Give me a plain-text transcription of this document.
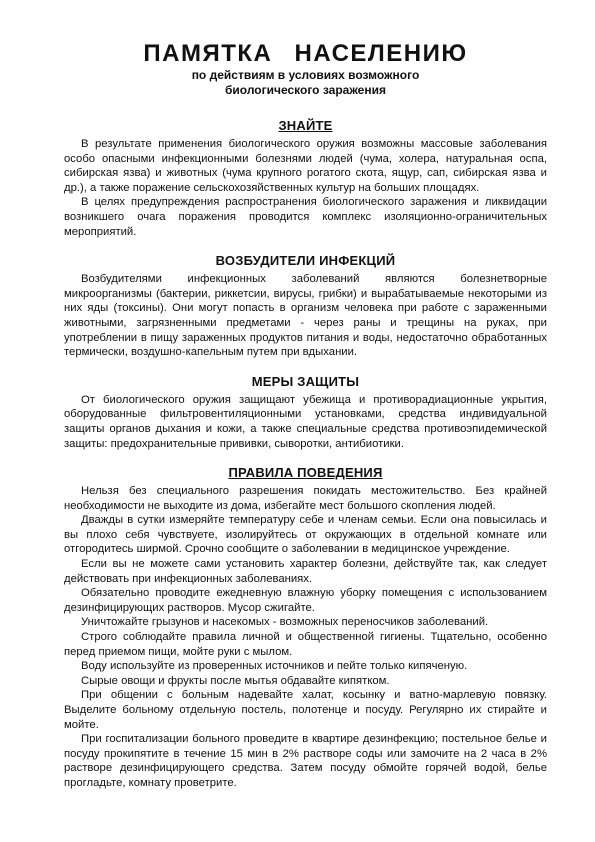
ПАМЯТКА НАСЕЛЕНИЮ

по действиям в условиях возможного биологического заражения

ЗНАЙТЕ

В результате применения биологического оружия возможны массовые заболевания особо опасными инфекционными болезнями людей (чума, холера, натуральная оспа, сибирская язва) и животных (чума крупного рогатого скота, ящур, сап, сибирская язва и др.), а также поражение сельскохозяйственных культур на больших площадях.

В целях предупреждения распространения биологического заражения и ликвидации возникшего очага поражения проводится комплекс изоляционно-ограничительных мероприятий.

ВОЗБУДИТЕЛИ ИНФЕКЦИЙ

Возбудителями инфекционных заболеваний являются болезнетворные микроорганизмы (бактерии, риккетсии, вирусы, грибки) и вырабатываемые некоторыми из них яды (токсины). Они могут попасть в организм человека при работе с зараженными животными, загрязненными предметами - через раны и трещины на руках, при употреблении в пищу зараженных продуктов питания и воды, недостаточно обработанных термически, воздушно-капельным путем при вдыхании.

МЕРЫ ЗАЩИТЫ

От биологического оружия защищают убежища и противорадиационные укрытия, оборудованные фильтровентиляционными установками, средства индивидуальной защиты органов дыхания и кожи, а также специальные средства противоэпидемической защиты: предохранительные прививки, сыворотки, антибиотики.

ПРАВИЛА ПОВЕДЕНИЯ

Нельзя без специального разрешения покидать местожительство. Без крайней необходимости не выходите из дома, избегайте мест большого скопления людей.

Дважды в сутки измеряйте температуру себе и членам семьи. Если она повысилась и вы плохо себя чувствуете, изолируйтесь от окружающих в отдельной комнате или отгородитесь ширмой. Срочно сообщите о заболевании в медицинское учреждение.

Если вы не можете сами установить характер болезни, действуйте так, как следует действовать при инфекционных заболеваниях.

Обязательно проводите ежедневную влажную уборку помещения с использованием дезинфицирующих растворов. Мусор сжигайте.

Уничтожайте грызунов и насекомых - возможных переносчиков заболеваний.

Строго соблюдайте правила личной и общественной гигиены. Тщательно, особенно перед приемом пищи, мойте руки с мылом.

Воду используйте из проверенных источников и пейте только кипяченую.

Сырые овощи и фрукты после мытья обдавайте кипятком.

При общении с больным надевайте халат, косынку и ватно-марлевую повязку. Выделите больному отдельную постель, полотенце и посуду. Регулярно их стирайте и мойте.

При госпитализации больного проведите в квартире дезинфекцию; постельное белье и посуду прокипятите в течение 15 мин в 2% растворе соды или замочите на 2 часа в 2% растворе дезинфицирующего средства. Затем посуду обмойте горячей водой, белье прогладьте, комнату проветрите.
